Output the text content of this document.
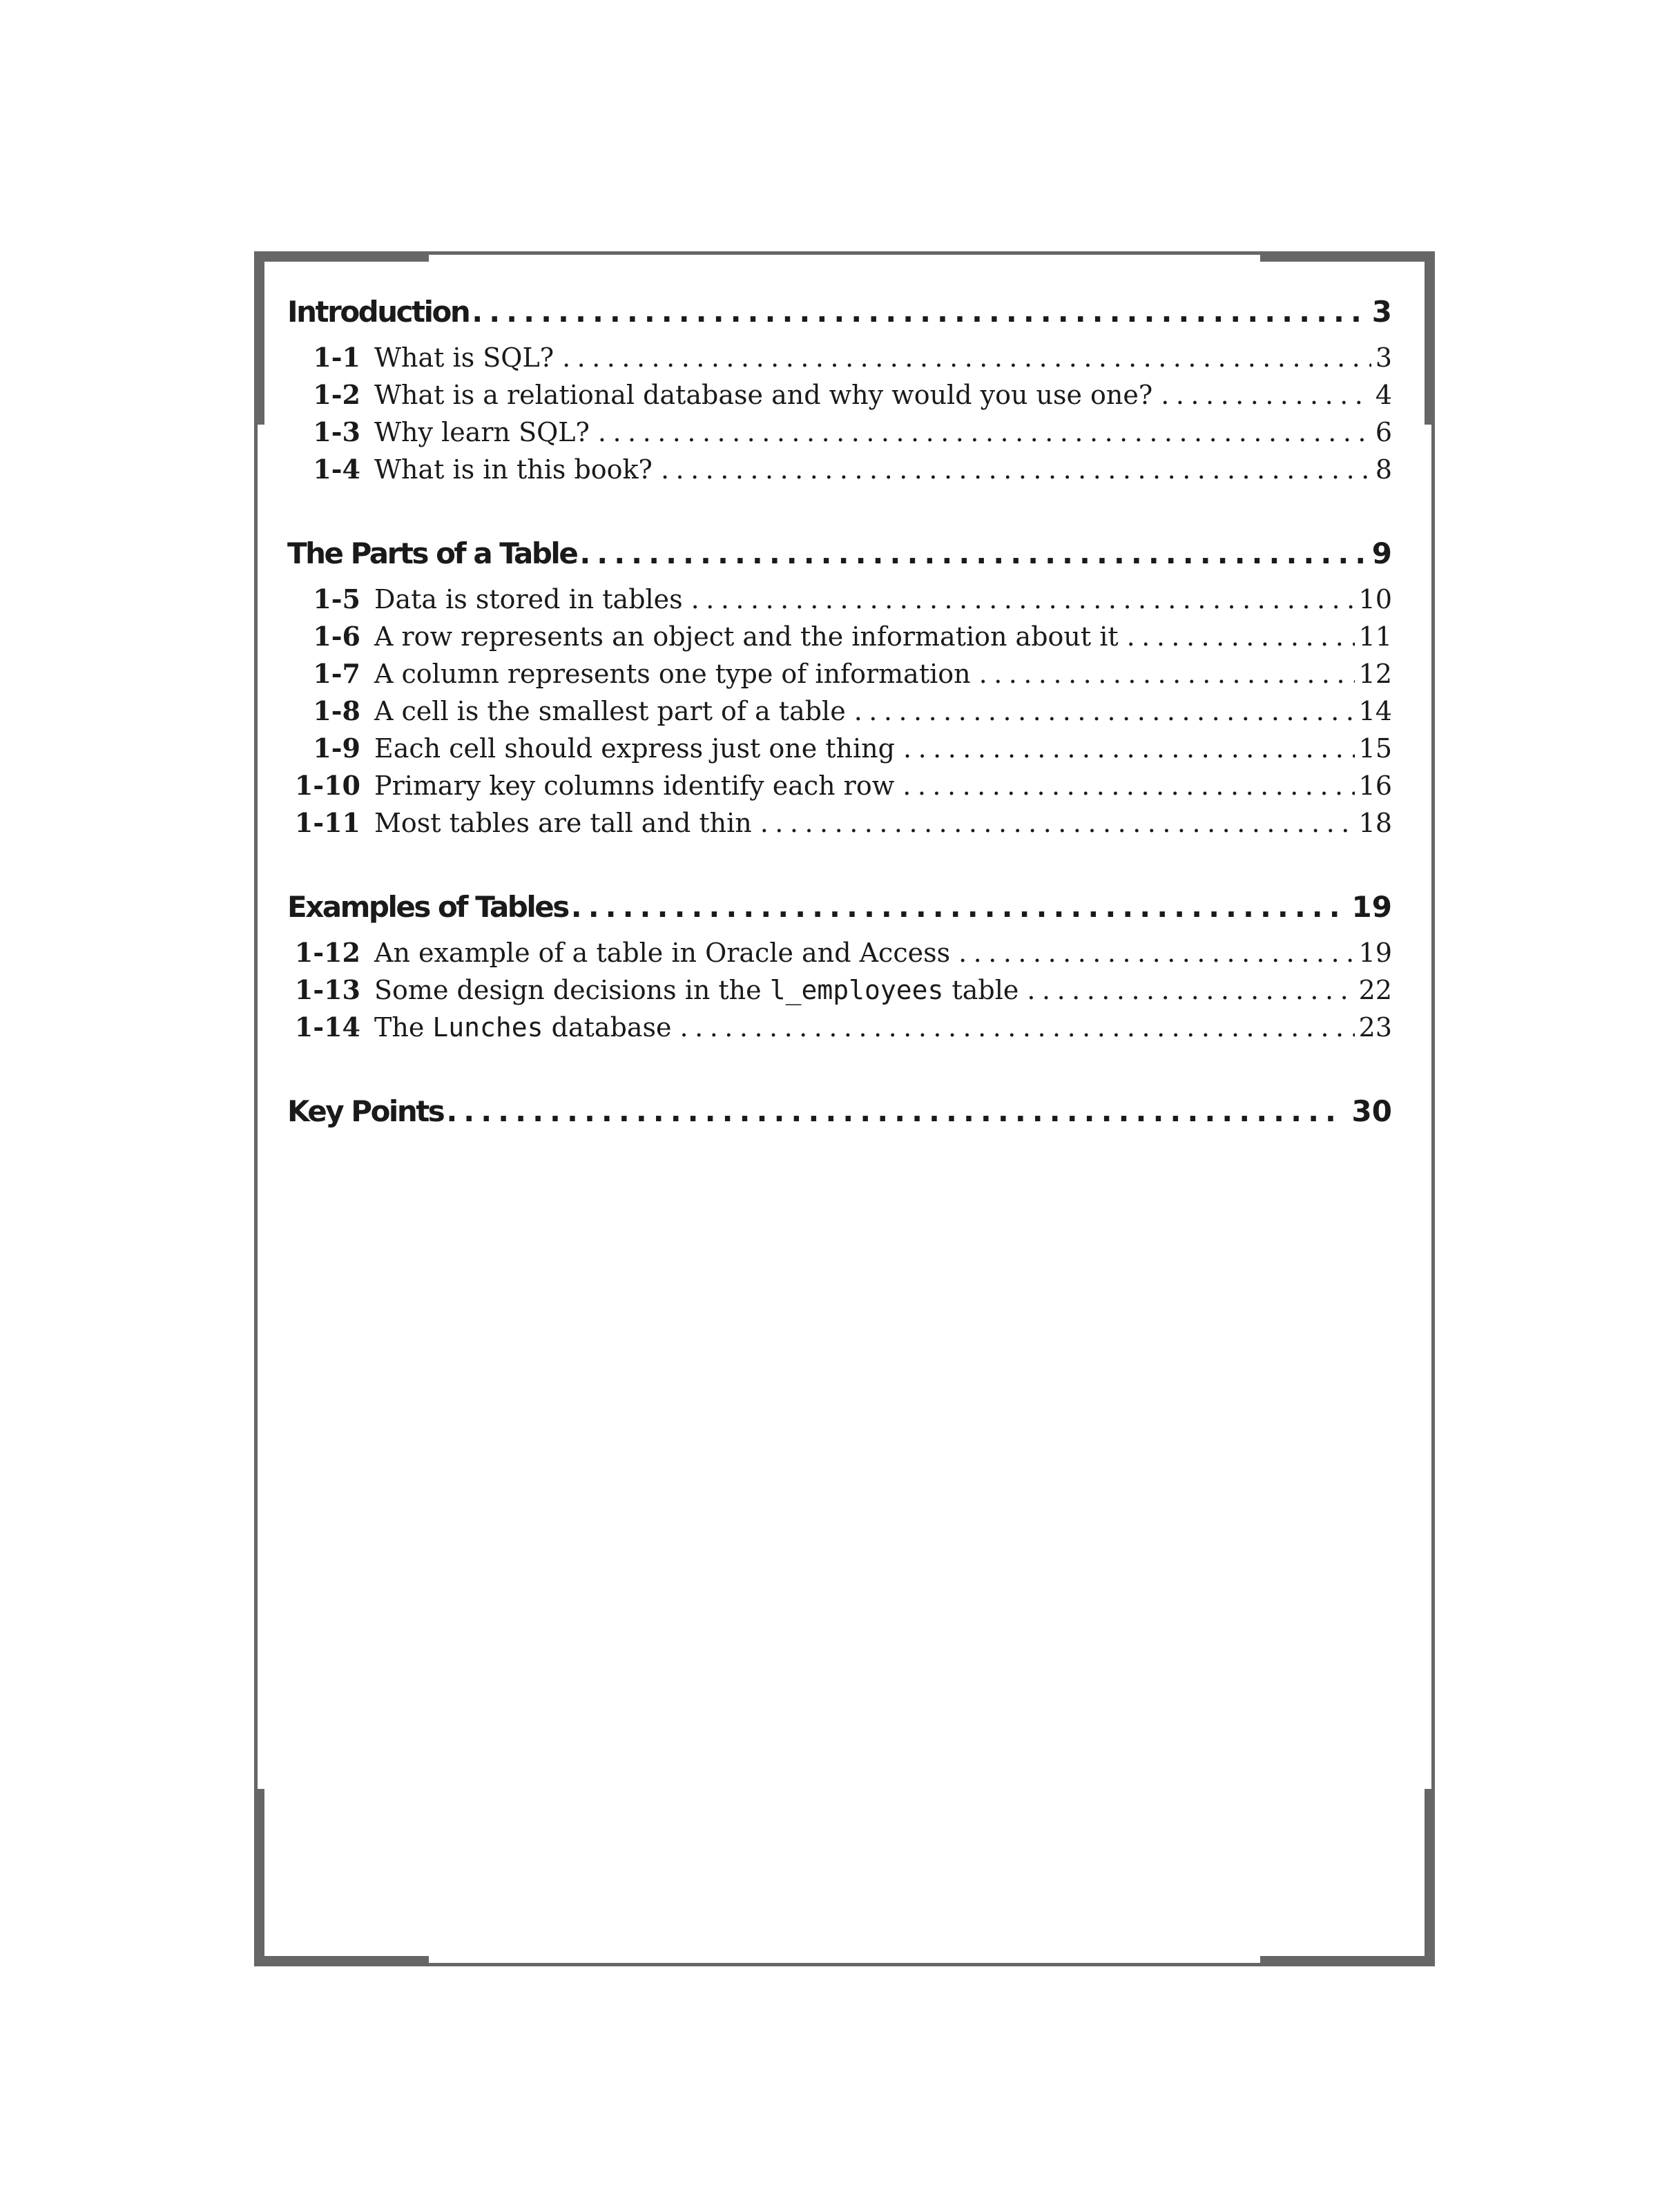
Introduction .....	3
1-1 What is SQL? .....	3
1-2 What is a relational database and why would you use one? .....	4
1-3 Why learn SQL? .....	6
1-4 What is in this book? .....	8
The Parts of a Table .....	9
1-5 Data is stored in tables .....	10
1-6 A row represents an object and the information about it .....	11
1-7 A column represents one type of information .....	12
1-8 A cell is the smallest part of a table .....	14
1-9 Each cell should express just one thing .....	15
1-10 Primary key columns identify each row .....	16
1-11 Most tables are tall and thin .....	18
Examples of Tables .....	19
1-12 An example of a table in Oracle and Access .....	19
1-13 Some design decisions in the l_employees table .....	22
1-14 The Lunches database .....	23
Key Points .....	30
